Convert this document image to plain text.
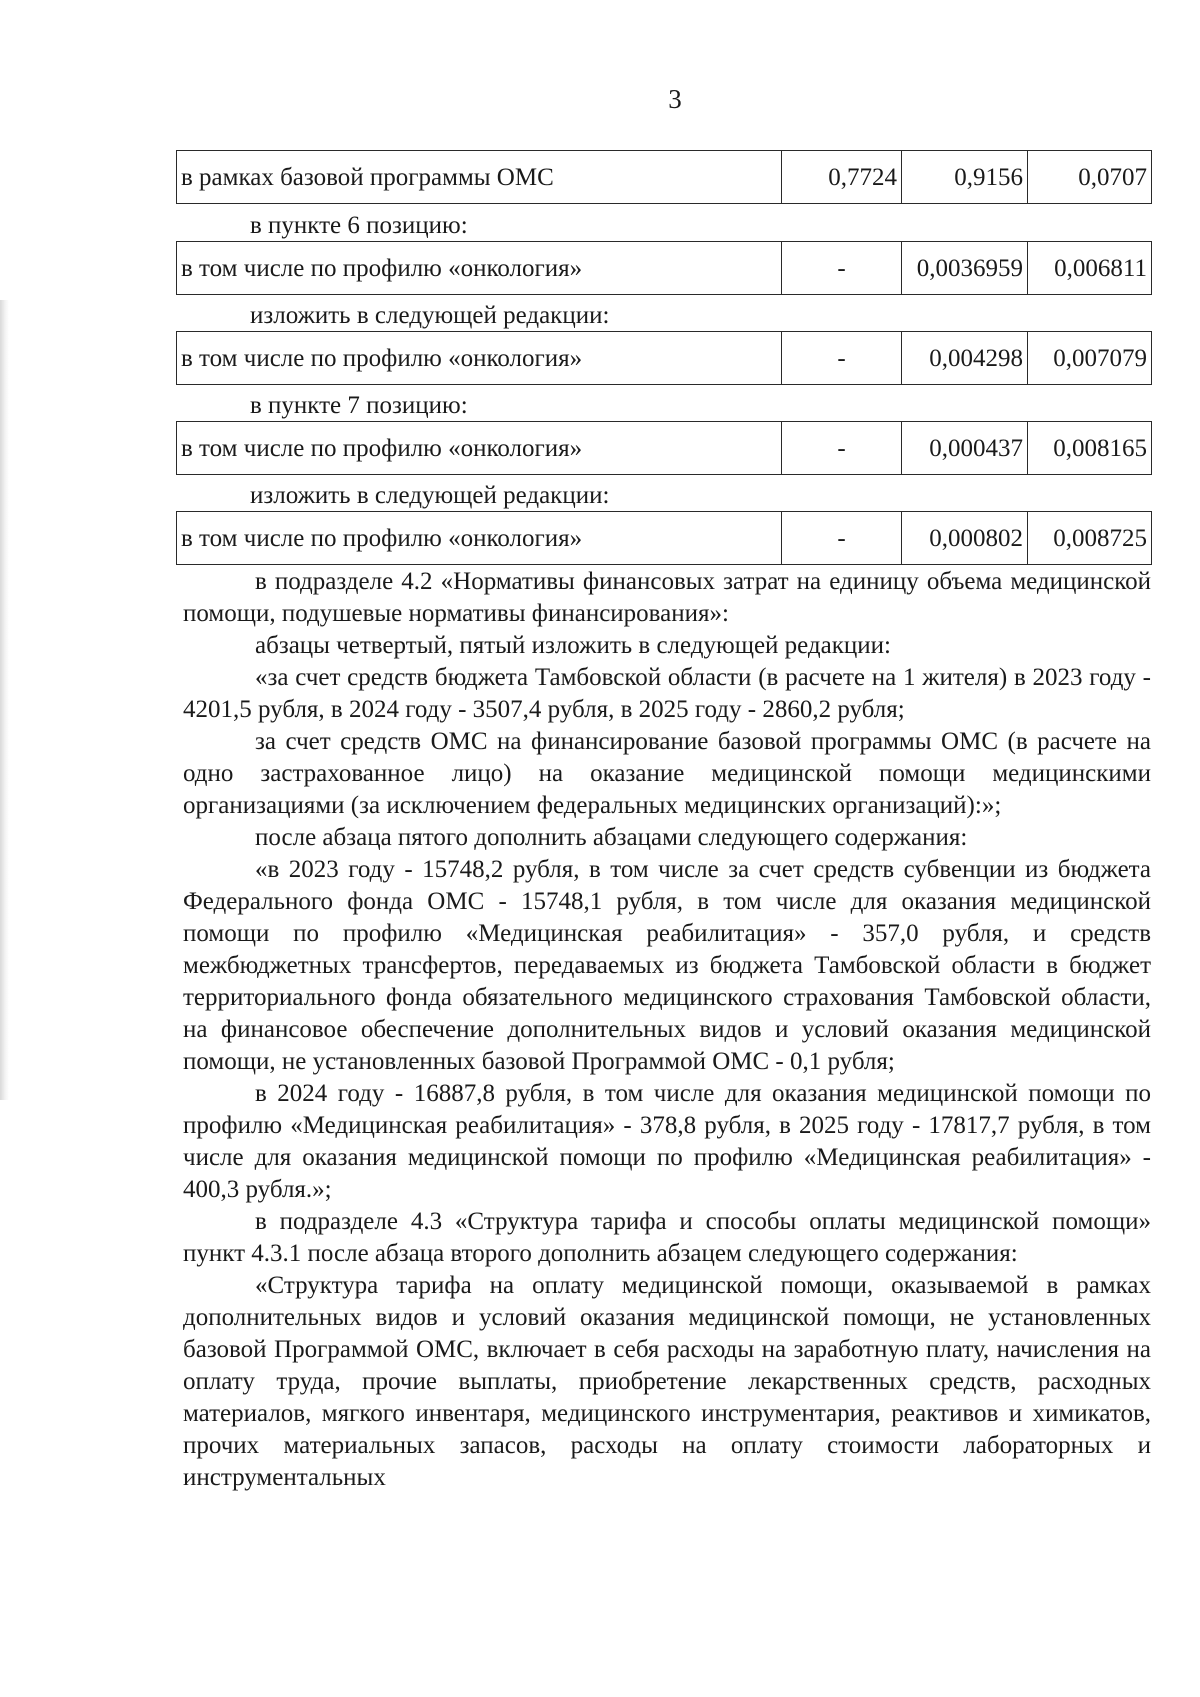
3
в рамках базовой программы ОМС	0,7724	0,9156	0,0707
в пункте 6 позицию:
в том числе по профилю «онкология»	-	0,0036959	0,006811
изложить в следующей редакции:
в том числе по профилю «онкология»	-	0,004298	0,007079
в пункте 7 позицию:
в том числе по профилю «онкология»	-	0,000437	0,008165
изложить в следующей редакции:
в том числе по профилю «онкология»	-	0,000802	0,008725

в подразделе 4.2 «Нормативы финансовых затрат на единицу объема медицинской помощи, подушевые нормативы финансирования»:

абзацы четвертый, пятый изложить в следующей редакции:

«за счет средств бюджета Тамбовской области (в расчете на 1 жителя) в 2023 году - 4201,5 рубля, в 2024 году - 3507,4 рубля, в 2025 году - 2860,2 рубля;

за счет средств ОМС на финансирование базовой программы ОМС (в расчете на одно застрахованное лицо) на оказание медицинской помощи медицинскими организациями (за исключением федеральных медицинских организаций):»;

после абзаца пятого дополнить абзацами следующего содержания:

«в 2023 году - 15748,2 рубля, в том числе за счет средств субвенции из бюджета Федерального фонда ОМС - 15748,1 рубля, в том числе для оказания медицинской помощи по профилю «Медицинская реабилитация» - 357,0 рубля, и средств межбюджетных трансфертов, передаваемых из бюджета Тамбовской области в бюджет территориального фонда обязательного медицинского страхования Тамбовской области, на финансовое обеспечение дополнительных видов и условий оказания медицинской помощи, не установленных базовой Программой ОМС - 0,1 рубля;

в 2024 году - 16887,8 рубля, в том числе для оказания медицинской помощи по профилю «Медицинская реабилитация» - 378,8 рубля, в 2025 году - 17817,7 рубля, в том числе для оказания медицинской помощи по профилю «Медицинская реабилитация» - 400,3 рубля.»;

в подразделе 4.3 «Структура тарифа и способы оплаты медицинской помощи» пункт 4.3.1 после абзаца второго дополнить абзацем следующего содержания:

«Структура тарифа на оплату медицинской помощи, оказываемой в рамках дополнительных видов и условий оказания медицинской помощи, не установленных базовой Программой ОМС, включает в себя расходы на заработную плату, начисления на оплату труда, прочие выплаты, приобретение лекарственных средств, расходных материалов, мягкого инвентаря, медицинского инструментария, реактивов и химикатов, прочих материальных запасов, расходы на оплату стоимости лабораторных и инструментальных
